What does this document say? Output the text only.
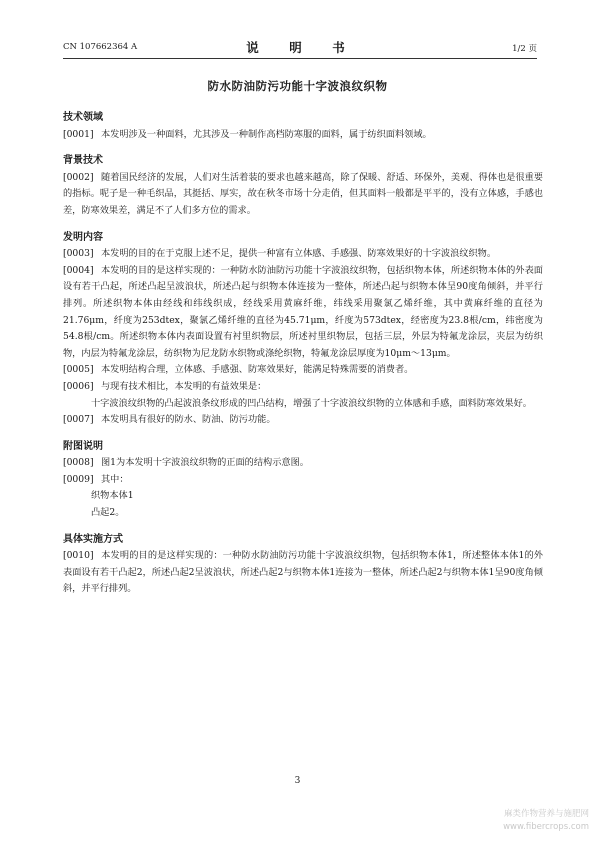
CN 107662364 A	说　明　书	1/2 页
防水防油防污功能十字波浪纹织物

技术领域

[0001] 本发明涉及一种面料，尤其涉及一种制作高档防寒服的面料，属于纺织面料领域。

背景技术

[0002] 随着国民经济的发展，人们对生活着装的要求也越来越高，除了保暖、舒适、环保外，美观、得体也是很重要的指标。呢子是一种毛织品，其挺括、厚实，故在秋冬市场十分走俏，但其面料一般都是平平的，没有立体感，手感也差，防寒效果差，满足不了人们多方位的需求。

发明内容

[0003] 本发明的目的在于克服上述不足，提供一种富有立体感、手感强、防寒效果好的十字波浪纹织物。

[0004] 本发明的目的是这样实现的：一种防水防油防污功能十字波浪纹织物，包括织物本体，所述织物本体的外表面设有若干凸起，所述凸起呈波浪状，所述凸起与织物本体连接为一整体，所述凸起与织物本体呈90度角倾斜，并平行排列。所述织物本体由经线和纬线织成，经线采用黄麻纤维，纬线采用聚氯乙烯纤维，其中黄麻纤维的直径为21.76μm，纤度为253dtex，聚氯乙烯纤维的直径为45.71μm，纤度为573dtex，经密度为23.8根/cm，纬密度为54.8根/cm。所述织物本体内表面设置有衬里织物层，所述衬里织物层，包括三层，外层为特氟龙涂层，夹层为纺织物，内层为特氟龙涂层，纺织物为尼龙防水织物或涤纶织物，特氟龙涂层厚度为10μm～13μm。

[0005] 本发明结构合理，立体感、手感强、防寒效果好，能满足特殊需要的消费者。

[0006] 与现有技术相比，本发明的有益效果是：

十字波浪纹织物的凸起波浪条纹形成的凹凸结构，增强了十字波浪纹织物的立体感和手感，面料防寒效果好。

[0007] 本发明具有很好的防水、防油、防污功能。

附图说明

[0008] 图1为本发明十字波浪纹织物的正面的结构示意图。

[0009] 其中：

织物本体1

凸起2。

具体实施方式

[0010] 本发明的目的是这样实现的：一种防水防油防污功能十字波浪纹织物，包括织物本体1，所述整体本体1的外表面设有若干凸起2，所述凸起2呈波浪状，所述凸起2与织物本体1连接为一整体，所述凸起2与织物本体1呈90度角倾斜，并平行排列。

3
麻类作物营养与施肥网
www.fibercrops.com
